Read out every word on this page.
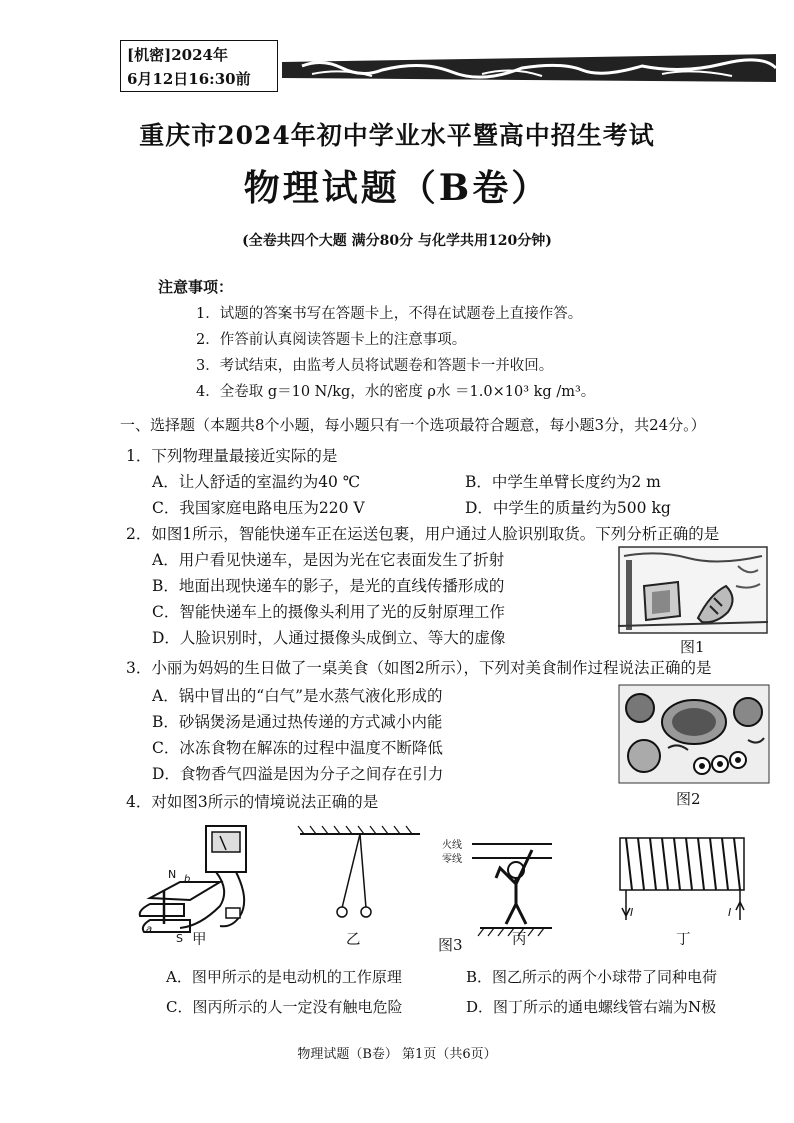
[机密]2024年
6月12日16:30前
重庆市2024年初中学业水平暨高中招生考试
物理试题（B卷）
(全卷共四个大题 满分80分 与化学共用120分钟)
注意事项：
1．试题的答案书写在答题卡上，不得在试题卷上直接作答。
2．作答前认真阅读答题卡上的注意事项。
3．考试结束，由监考人员将试题卷和答题卡一并收回。
4．全卷取 g＝10 N/kg，水的密度 ρ水 ＝1.0×10³ kg /m³。
一、选择题（本题共8个小题，每小题只有一个选项最符合题意，每小题3分，共24分。）
1．下列物理量最接近实际的是
A．让人舒适的室温约为40 ℃	B．中学生单臂长度约为2 m
C．我国家庭电路电压为220 V	D．中学生的质量约为500 kg
2．如图1所示，智能快递车正在运送包裹，用户通过人脸识别取货。下列分析正确的是
A．用户看见快递车，是因为光在它表面发生了折射
B．地面出现快递车的影子，是光的直线传播形成的
C．智能快递车上的摄像头利用了光的反射原理工作
D．人脸识别时，人通过摄像头成倒立、等大的虚像	图1
3．小丽为妈妈的生日做了一桌美食（如图2所示），下列对美食制作过程说法正确的是
A．锅中冒出的“白气”是水蒸气液化形成的
B．砂锅煲汤是通过热传递的方式减小内能
C．冰冻食物在解冻的过程中温度不断降低
D．食物香气四溢是因为分子之间存在引力
图2
4．对如图3所示的情境说法正确的是
N
S
a
b
火线
零线
I	I
甲	乙	丙	丁
图3
A．图甲所示的是电动机的工作原理	B．图乙所示的两个小球带了同种电荷
C．图丙所示的人一定没有触电危险	D．图丁所示的通电螺线管右端为N极
物理试题（B卷） 第1页（共6页）
